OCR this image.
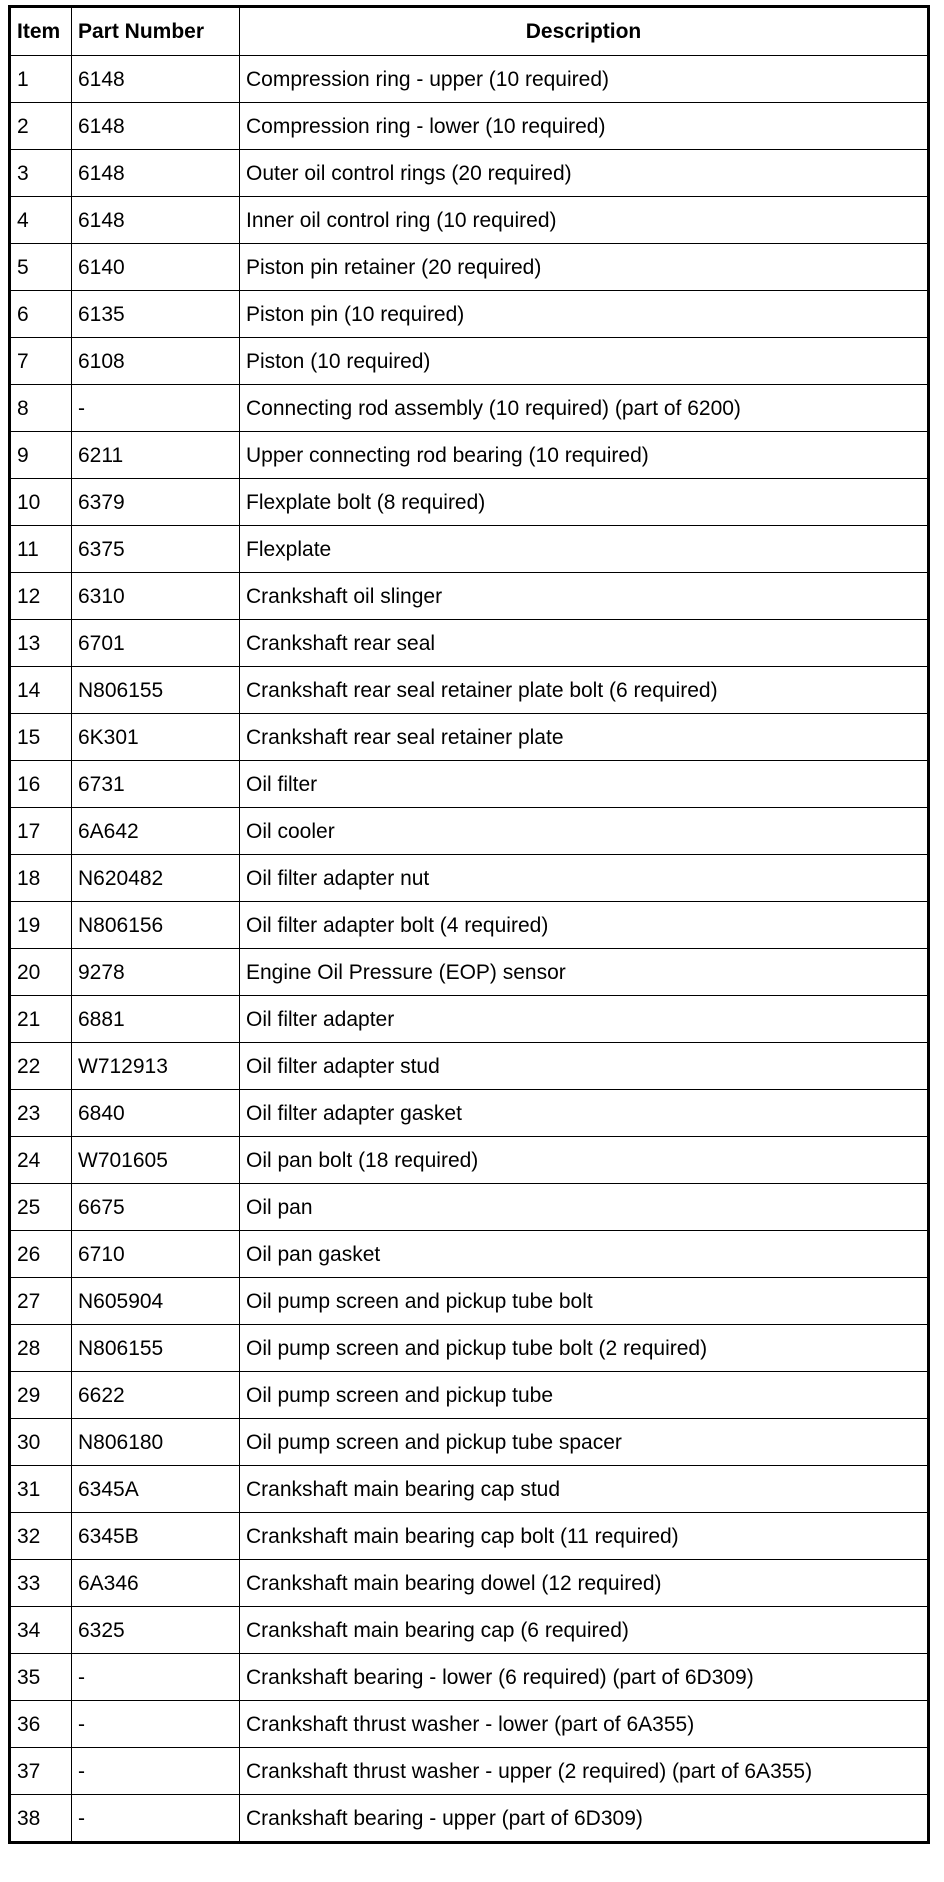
Item	Part Number	Description
1	6148	Compression ring - upper (10 required)
2	6148	Compression ring - lower (10 required)
3	6148	Outer oil control rings (20 required)
4	6148	Inner oil control ring (10 required)
5	6140	Piston pin retainer (20 required)
6	6135	Piston pin (10 required)
7	6108	Piston (10 required)
8	-	Connecting rod assembly (10 required) (part of 6200)
9	6211	Upper connecting rod bearing (10 required)
10	6379	Flexplate bolt (8 required)
11	6375	Flexplate
12	6310	Crankshaft oil slinger
13	6701	Crankshaft rear seal
14	N806155	Crankshaft rear seal retainer plate bolt (6 required)
15	6K301	Crankshaft rear seal retainer plate
16	6731	Oil filter
17	6A642	Oil cooler
18	N620482	Oil filter adapter nut
19	N806156	Oil filter adapter bolt (4 required)
20	9278	Engine Oil Pressure (EOP) sensor
21	6881	Oil filter adapter
22	W712913	Oil filter adapter stud
23	6840	Oil filter adapter gasket
24	W701605	Oil pan bolt (18 required)
25	6675	Oil pan
26	6710	Oil pan gasket
27	N605904	Oil pump screen and pickup tube bolt
28	N806155	Oil pump screen and pickup tube bolt (2 required)
29	6622	Oil pump screen and pickup tube
30	N806180	Oil pump screen and pickup tube spacer
31	6345A	Crankshaft main bearing cap stud
32	6345B	Crankshaft main bearing cap bolt (11 required)
33	6A346	Crankshaft main bearing dowel (12 required)
34	6325	Crankshaft main bearing cap (6 required)
35	-	Crankshaft bearing - lower (6 required) (part of 6D309)
36	-	Crankshaft thrust washer - lower (part of 6A355)
37	-	Crankshaft thrust washer - upper (2 required) (part of 6A355)
38	-	Crankshaft bearing - upper (part of 6D309)
